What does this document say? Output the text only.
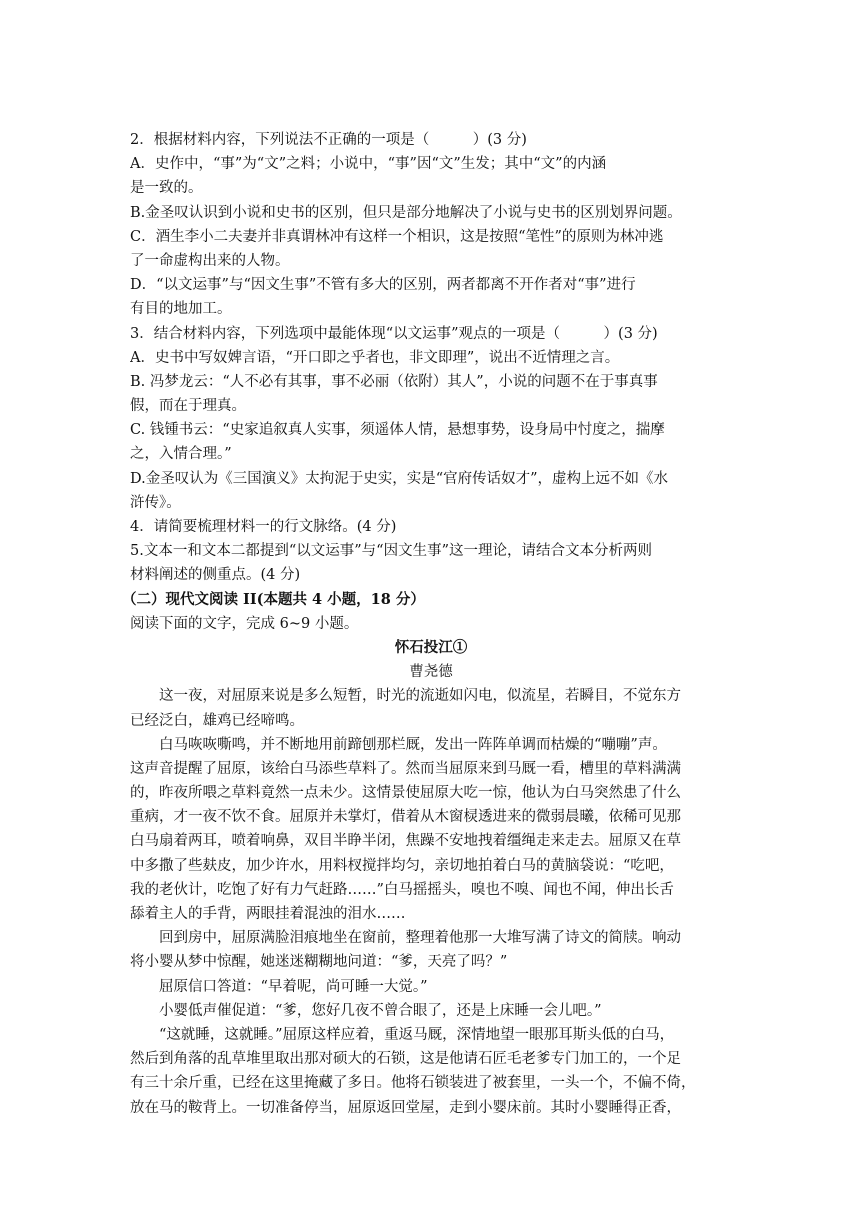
2．根据材料内容，下列说法不正确的一项是（　　　）(3 分)
A．史作中，“事”为“文”之料；小说中，“事”因“文”生发；其中“文”的内涵
是一致的。
B.金圣叹认识到小说和史书的区别，但只是部分地解决了小说与史书的区別划界问题。
C．酒生李小二夫妻并非真谓林冲有这样一个相识，这是按照“笔性”的原则为林冲逃
了一命虚构出来的人物。
D．“以文运事”与“因文生事”不管有多大的区别，两者都离不开作者对“事”进行
有目的地加工。
3．结合材料内容，下列选项中最能体现“以文运事”观点的一项是（　　　）(3 分)
A．史书中写奴婢言语，“开口即之乎者也，非文即理”，说出不近情理之言。
B. 冯梦龙云：“人不必有其事，事不必丽（依附）其人”，小说的问题不在于事真事
假，而在于理真。
C. 钱锺书云：“史家追叙真人实事，须遥体人情，悬想事势，设身局中忖度之，揣摩
之，入情合理。”
D.金圣叹认为《三国演义》太拘泥于史实，实是“官府传话奴才”，虚构上远不如《水
浒传》。
4．请简要梳理材料一的行文脉络。(4 分)
5.文本一和文本二都提到“以文运事”与“因文生事”这一理论，请结合文本分析两则
材料阐述的侧重点。(4 分)
（二）现代文阅读 II(本题共 4 小题，18 分）
阅读下面的文字，完成 6~9 小题。
怀石投江①
曹尧德
这一夜，对屈原来说是多么短暂，时光的流逝如闪电，似流星，若瞬目，不觉东方
已经泛白，雄鸡已经啼鸣。
白马咴咴嘶鸣，并不断地用前蹄刨那栏厩，发出一阵阵单调而枯燥的“嘣嘣”声。
这声音提醒了屈原，该给白马添些草料了。然而当屈原来到马厩一看，槽里的草料满满
的，昨夜所喂之草料竟然一点未少。这情景使屈原大吃一惊，他认为白马突然患了什么
重病，才一夜不饮不食。屈原并未掌灯，借着从木窗棂透进来的微弱晨曦，依稀可见那
白马扇着两耳，喷着响鼻，双目半睁半闭，焦躁不安地拽着缰绳走来走去。屈原又在草
中多撒了些麸皮，加少许水，用料杈搅拌均匀，亲切地拍着白马的黄脑袋说：“吃吧，
我的老伙计，吃饱了好有力气赶路……”白马摇摇头，嗅也不嗅、闻也不闻，伸出长舌
舔着主人的手背，两眼挂着混浊的泪水……
回到房中，屈原满脸泪痕地坐在窗前，整理着他那一大堆写满了诗文的简牍。响动
将小婴从梦中惊醒，她迷迷糊糊地问道：“爹，天亮了吗？”
屈原信口答道：“早着呢，尚可睡一大觉。”
小婴低声催促道：“爹，您好几夜不曾合眼了，还是上床睡一会儿吧。”
“这就睡，这就睡。”屈原这样应着，重返马厩，深情地望一眼那耳斯头低的白马，
然后到角落的乱草堆里取出那对硕大的石锁，这是他请石匠毛老爹专门加工的，一个足
有三十余斤重，已经在这里掩藏了多日。他将石锁装进了被套里，一头一个，不偏不倚，
放在马的鞍背上。一切准备停当，屈原返回堂屋，走到小婴床前。其时小婴睡得正香，
